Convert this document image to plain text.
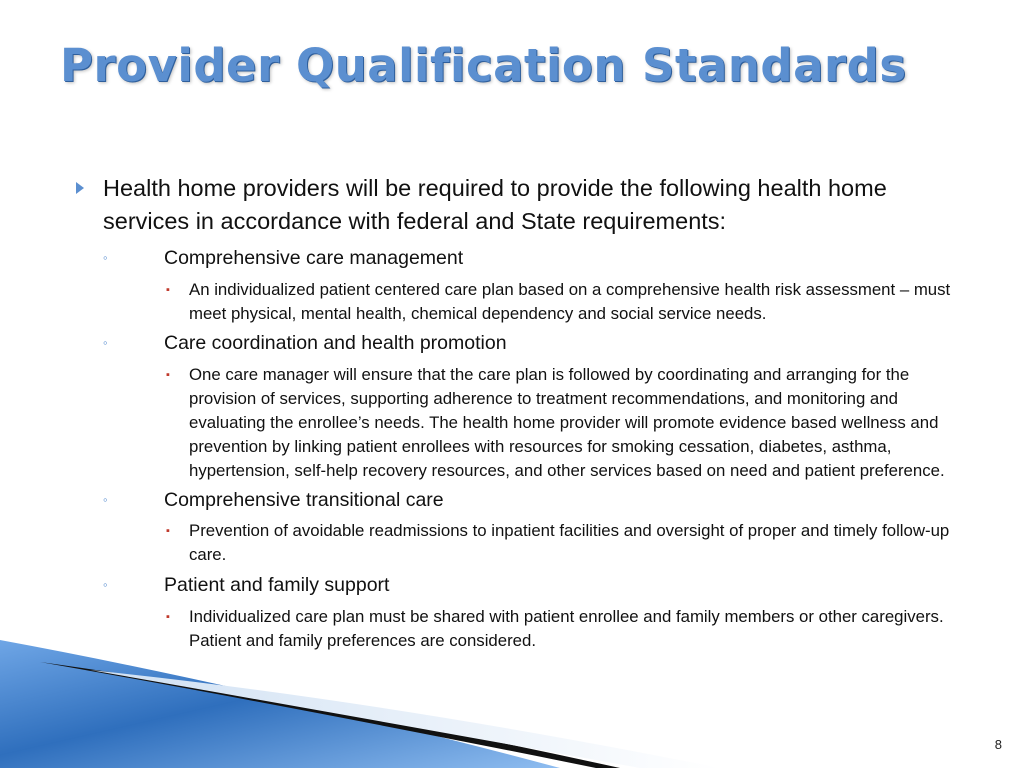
Provider Qualification Standards
Health home providers will be required to provide the following health home services in accordance with federal and State requirements:
◦	Comprehensive care management
▪ An individualized patient centered care plan based on a comprehensive health risk assessment – must meet physical, mental health, chemical dependency and social service needs.
◦	Care coordination and health promotion
▪ One care manager will ensure that the care plan is followed by coordinating and arranging for the provision of services, supporting adherence to treatment recommendations, and monitoring and evaluating the enrollee’s needs. The health home provider will promote evidence based wellness and prevention by linking patient enrollees with resources for smoking cessation, diabetes, asthma, hypertension, self-help recovery resources, and other services based on need and patient preference.
◦	Comprehensive transitional care
▪ Prevention of avoidable readmissions to inpatient facilities and oversight of proper and timely follow-up care.
◦	Patient and family support
▪ Individualized care plan must be shared with patient enrollee and family members or other caregivers. Patient and family preferences are considered.
8
